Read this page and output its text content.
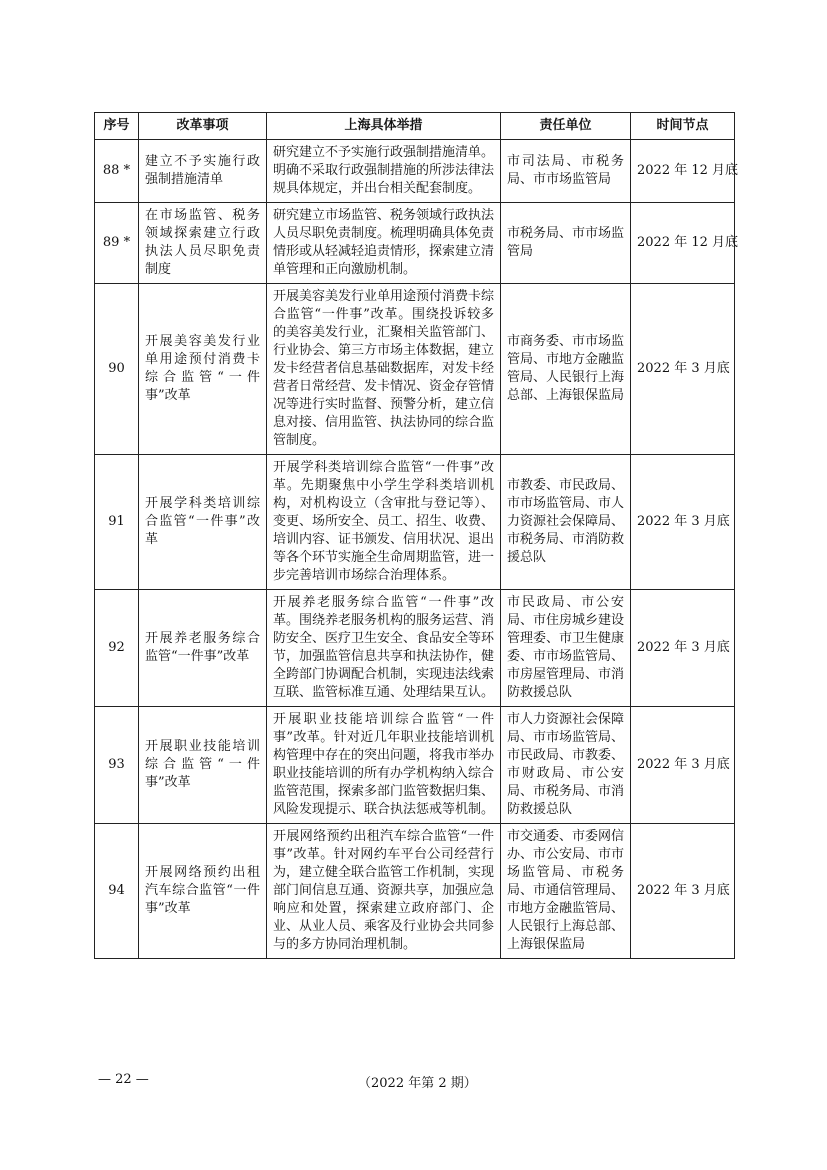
序号	改革事项	上海具体举措	责任单位	时间节点
88 *	建立不予实施行政强制措施清单	研究建立不予实施行政强制措施清单。明确不采取行政强制措施的所涉法律法规具体规定，并出台相关配套制度。	市司法局、市税务局、市市场监管局	2022 年 12 月底
89 *	在市场监管、税务领域探索建立行政执法人员尽职免责制度	研究建立市场监管、税务领域行政执法人员尽职免责制度。梳理明确具体免责情形或从轻减轻追责情形，探索建立清单管理和正向激励机制。	市税务局、市市场监管局	2022 年 12 月底
90	开展美容美发行业单用途预付消费卡综合监管“一件事”改革	开展美容美发行业单用途预付消费卡综合监管“一件事”改革。围绕投诉较多的美容美发行业，汇聚相关监管部门、行业协会、第三方市场主体数据，建立发卡经营者信息基础数据库，对发卡经营者日常经营、发卡情况、资金存管情况等进行实时监督、预警分析，建立信息对接、信用监管、执法协同的综合监管制度。	市商务委、市市场监管局、市地方金融监管局、人民银行上海总部、上海银保监局	2022 年 3 月底
91	开展学科类培训综合监管“一件事”改革	开展学科类培训综合监管“一件事”改革。先期聚焦中小学生学科类培训机构，对机构设立（含审批与登记等）、变更、场所安全、员工、招生、收费、培训内容、证书颁发、信用状况、退出等各个环节实施全生命周期监管，进一步完善培训市场综合治理体系。	市教委、市民政局、市市场监管局、市人力资源社会保障局、市税务局、市消防救援总队	2022 年 3 月底
92	开展养老服务综合监管“一件事”改革	开展养老服务综合监管“一件事”改革。围绕养老服务机构的服务运营、消防安全、医疗卫生安全、食品安全等环节，加强监管信息共享和执法协作，健全跨部门协调配合机制，实现违法线索互联、监管标准互通、处理结果互认。	市民政局、市公安局、市住房城乡建设管理委、市卫生健康委、市市场监管局、市房屋管理局、市消防救援总队	2022 年 3 月底
93	开展职业技能培训综合监管“一件事”改革	开展职业技能培训综合监管“一件事”改革。针对近几年职业技能培训机构管理中存在的突出问题，将我市举办职业技能培训的所有办学机构纳入综合监管范围，探索多部门监管数据归集、风险发现提示、联合执法惩戒等机制。	市人力资源社会保障局、市市场监管局、市民政局、市教委、市财政局、市公安局、市税务局、市消防救援总队	2022 年 3 月底
94	开展网络预约出租汽车综合监管“一件事”改革	开展网络预约出租汽车综合监管“一件事”改革。针对网约车平台公司经营行为，建立健全联合监管工作机制，实现部门间信息互通、资源共享，加强应急响应和处置，探索建立政府部门、企业、从业人员、乘客及行业协会共同参与的多方协同治理机制。	市交通委、市委网信办、市公安局、市市场监管局、市税务局、市通信管理局、市地方金融监管局、人民银行上海总部、上海银保监局	2022 年 3 月底
— 22 —	（2022 年第 2 期）
